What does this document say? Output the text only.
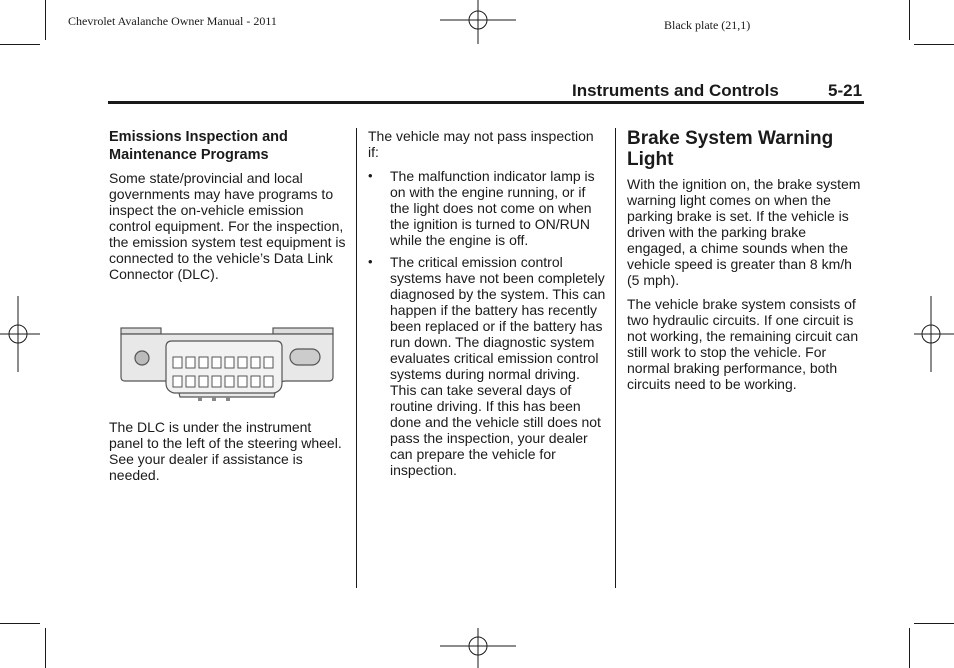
Chevrolet Avalanche Owner Manual - 2011	Black plate (21,1)
Instruments and Controls	5-21
Emissions Inspection and Maintenance Programs

Some state/provincial and local governments may have programs to inspect the on-vehicle emission control equipment. For the inspection, the emission system test equipment is connected to the vehicle’s Data Link Connector (DLC).

The DLC is under the instrument panel to the left of the steering wheel. See your dealer if assistance is needed.

The vehicle may not pass inspection if:

• The malfunction indicator lamp is on with the engine running, or if the light does not come on when the ignition is turned to ON/RUN while the engine is off.
• The critical emission control systems have not been completely diagnosed by the system. This can happen if the battery has recently been replaced or if the battery has run down. The diagnostic system evaluates critical emission control systems during normal driving. This can take several days of routine driving. If this has been done and the vehicle still does not pass the inspection, your dealer can prepare the vehicle for inspection.
Brake System Warning Light

With the ignition on, the brake system warning light comes on when the parking brake is set. If the vehicle is driven with the parking brake engaged, a chime sounds when the vehicle speed is greater than 8 km/h (5 mph).

The vehicle brake system consists of two hydraulic circuits. If one circuit is not working, the remaining circuit can still work to stop the vehicle. For normal braking performance, both circuits need to be working.
